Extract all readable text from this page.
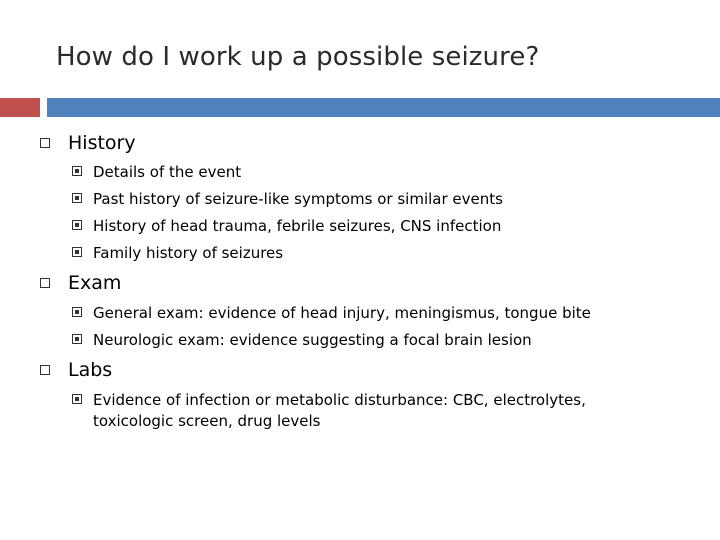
How do I work up a possible seizure?
History
Details of the event
Past history of seizure-like symptoms or similar events
History of head trauma, febrile seizures, CNS infection
Family history of seizures
Exam
General exam: evidence of head injury, meningismus, tongue bite
Neurologic exam: evidence suggesting a focal brain lesion
Labs
Evidence of infection or metabolic disturbance: CBC, electrolytes,
toxicologic screen, drug levels
